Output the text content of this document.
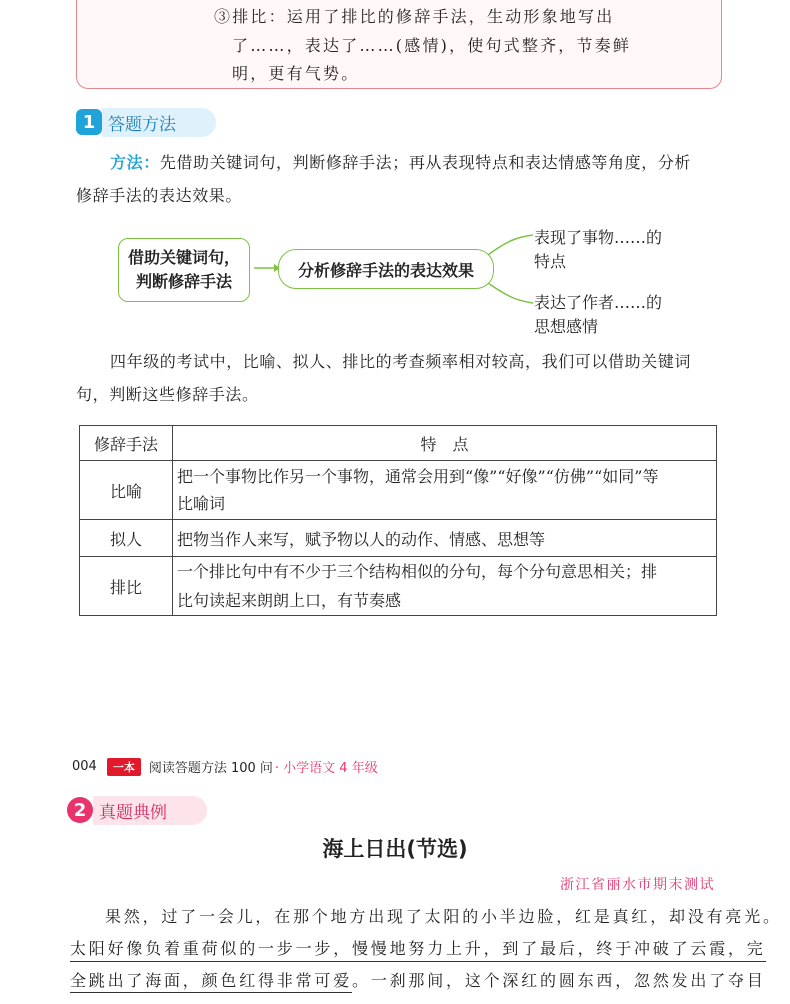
③排比：运用了排比的修辞手法，生动形象地写出
了……，表达了……(感情)，使句式整齐，节奏鲜
明，更有气势。
1 答题方法
方法：先借助关键词句，判断修辞手法；再从表现特点和表达情感等角度，分析
修辞手法的表达效果。
借助关键词句，
判断修辞手法
分析修辞手法的表达效果
表现了事物……的
特点
表达了作者……的
思想感情
四年级的考试中，比喻、拟人、排比的考查频率相对较高，我们可以借助关键词
句，判断这些修辞手法。
修辞手法	特　点
比喻	把一个事物比作另一个事物，通常会用到“像”“好像”“仿佛”“如同”等
比喻词

拟人	把物当作人来写，赋予物以人的动作、情感、思想等

排比	一个排比句中有不少于三个结构相似的分句，每个分句意思相关；排
比句读起来朗朗上口，有节奏感
004	一本	阅读答题方法 100 问 · 小学语文 4 年级
2 真题典例
海上日出(节选)
浙江省丽水市期末测试
果然，过了一会儿，在那个地方出现了太阳的小半边脸，红是真红，却没有亮光。
太阳好像负着重荷似的一步一步，慢慢地努力上升，到了最后，终于冲破了云霞，完
全跳出了海面，颜色红得非常可爱。一刹那间，这个深红的圆东西，忽然发出了夺目
